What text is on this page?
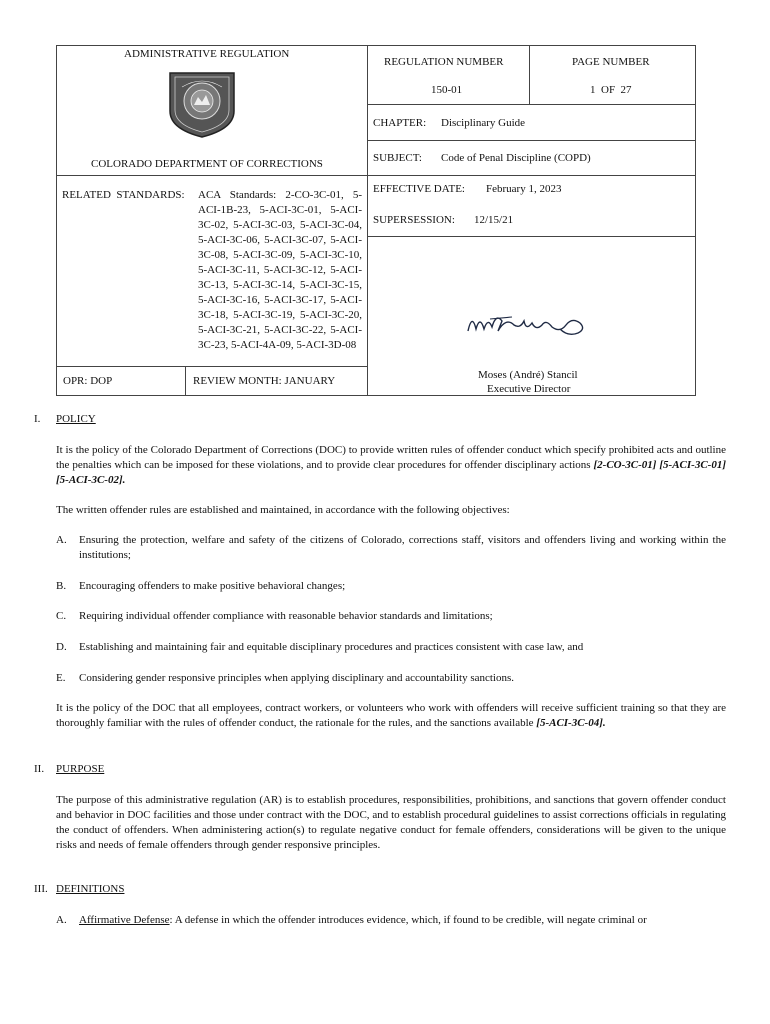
ADMINISTRATIVE REGULATION
COLORADO DEPARTMENT OF CORRECTIONS
REGULATION NUMBER
150-01
PAGE NUMBER
1  OF  27
CHAPTER: Disciplinary Guide
SUBJECT: Code of Penal Discipline (COPD)
RELATED  STANDARDS: ACA Standards: 2-CO-3C-01, 5-ACI-1B-23, 5-ACI-3C-01, 5-ACI-3C-02, 5-ACI-3C-03, 5-ACI-3C-04, 5-ACI-3C-06, 5-ACI-3C-07, 5-ACI-3C-08, 5-ACI-3C-09, 5-ACI-3C-10, 5-ACI-3C-11, 5-ACI-3C-12, 5-ACI-3C-13, 5-ACI-3C-14, 5-ACI-3C-15, 5-ACI-3C-16, 5-ACI-3C-17, 5-ACI-3C-18, 5-ACI-3C-19, 5-ACI-3C-20, 5-ACI-3C-21, 5-ACI-3C-22, 5-ACI-3C-23, 5-ACI-4A-09, 5-ACI-3D-08
EFFECTIVE DATE: February 1, 2023
SUPERSESSION: 12/15/21
Moses (André) Stancil
Executive Director
OPR: DOP	REVIEW MONTH: JANUARY
I. POLICY
It is the policy of the Colorado Department of Corrections (DOC) to provide written rules of offender conduct which specify prohibited acts and outline the penalties which can be imposed for these violations, and to provide clear procedures for offender disciplinary actions [2-CO-3C-01] [5-ACI-3C-01] [5-ACI-3C-02].
The written offender rules are established and maintained, in accordance with the following objectives:
A. Ensuring the protection, welfare and safety of the citizens of Colorado, corrections staff, visitors and offenders living and working within the institutions;
B. Encouraging offenders to make positive behavioral changes;
C. Requiring individual offender compliance with reasonable behavior standards and limitations;
D. Establishing and maintaining fair and equitable disciplinary procedures and practices consistent with case law, and
E. Considering gender responsive principles when applying disciplinary and accountability sanctions.
It is the policy of the DOC that all employees, contract workers, or volunteers who work with offenders will receive sufficient training so that they are thoroughly familiar with the rules of offender conduct, the rationale for the rules, and the sanctions available [5-ACI-3C-04].
II. PURPOSE
The purpose of this administrative regulation (AR) is to establish procedures, responsibilities, prohibitions, and sanctions that govern offender conduct and behavior in DOC facilities and those under contract with the DOC, and to establish procedural guidelines to assist corrections officials in regulating the conduct of offenders. When administering action(s) to regulate negative conduct for female offenders, considerations will be given to the unique risks and needs of female offenders through gender responsive principles.
III. DEFINITIONS
A. Affirmative Defense: A defense in which the offender introduces evidence, which, if found to be credible, will negate criminal or
